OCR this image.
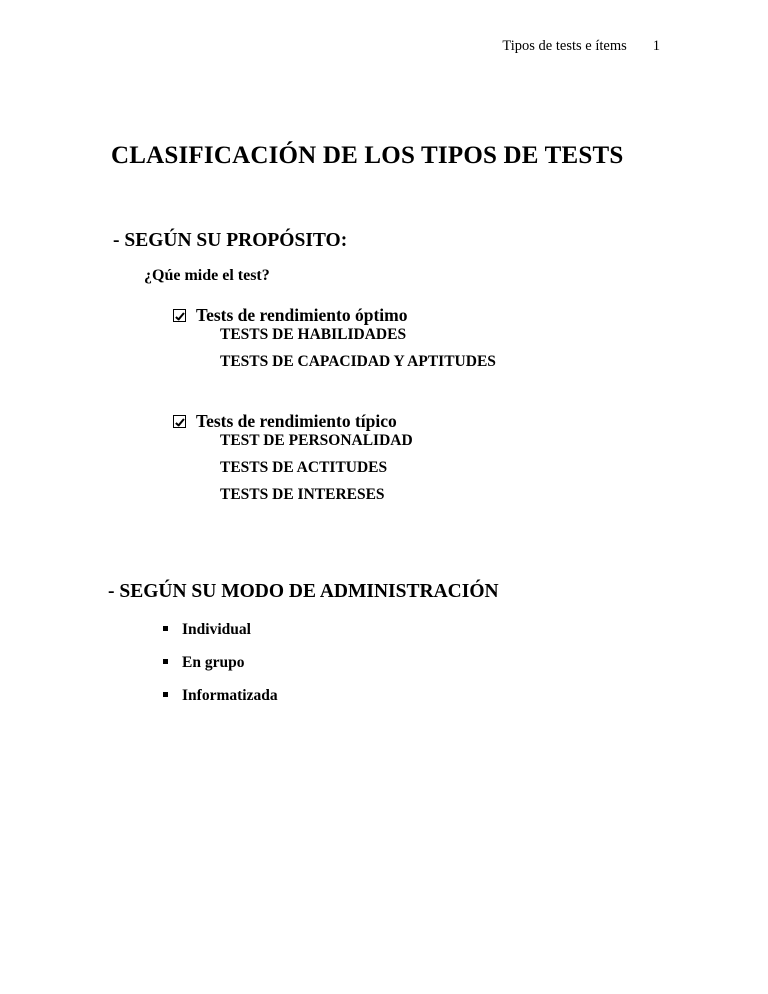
Tipos de tests e ítems 1
CLASIFICACIÓN DE LOS TIPOS DE TESTS
- SEGÚN SU PROPÓSITO:
¿Qúe mide el test?
Tests de rendimiento óptimo
TESTS DE HABILIDADES
TESTS DE CAPACIDAD Y APTITUDES
Tests de rendimiento típico
TEST DE PERSONALIDAD
TESTS DE ACTITUDES
TESTS DE INTERESES
- SEGÚN SU MODO DE ADMINISTRACIÓN
Individual
En grupo
Informatizada
